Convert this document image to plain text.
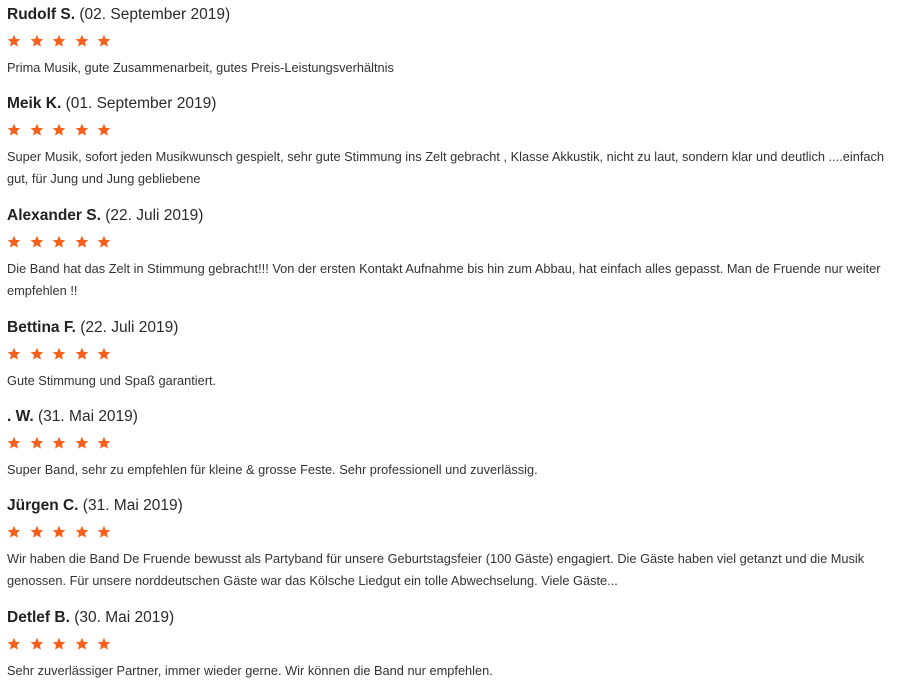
Rudolf S. (02. September 2019)
Prima Musik, gute Zusammenarbeit, gutes Preis-Leistungsverhältnis
Meik K. (01. September 2019)
Super Musik, sofort jeden Musikwunsch gespielt, sehr gute Stimmung ins Zelt gebracht , Klasse Akkustik, nicht zu laut, sondern klar und deutlich ....einfach gut, für Jung und Jung gebliebene
Alexander S. (22. Juli 2019)
Die Band hat das Zelt in Stimmung gebracht!!! Von der ersten Kontakt Aufnahme bis hin zum Abbau, hat einfach alles gepasst. Man de Fruende nur weiter empfehlen !!
Bettina F. (22. Juli 2019)
Gute Stimmung und Spaß garantiert.
. W. (31. Mai 2019)
Super Band, sehr zu empfehlen für kleine & grosse Feste. Sehr professionell und zuverlässig.
Jürgen C. (31. Mai 2019)
Wir haben die Band De Fruende bewusst als Partyband für unsere Geburtstagsfeier (100 Gäste) engagiert. Die Gäste haben viel getanzt und die Musik genossen. Für unsere norddeutschen Gäste war das Kölsche Liedgut ein tolle Abwechselung. Viele Gäste...
Detlef B. (30. Mai 2019)
Sehr zuverlässiger Partner, immer wieder gerne. Wir können die Band nur empfehlen.
